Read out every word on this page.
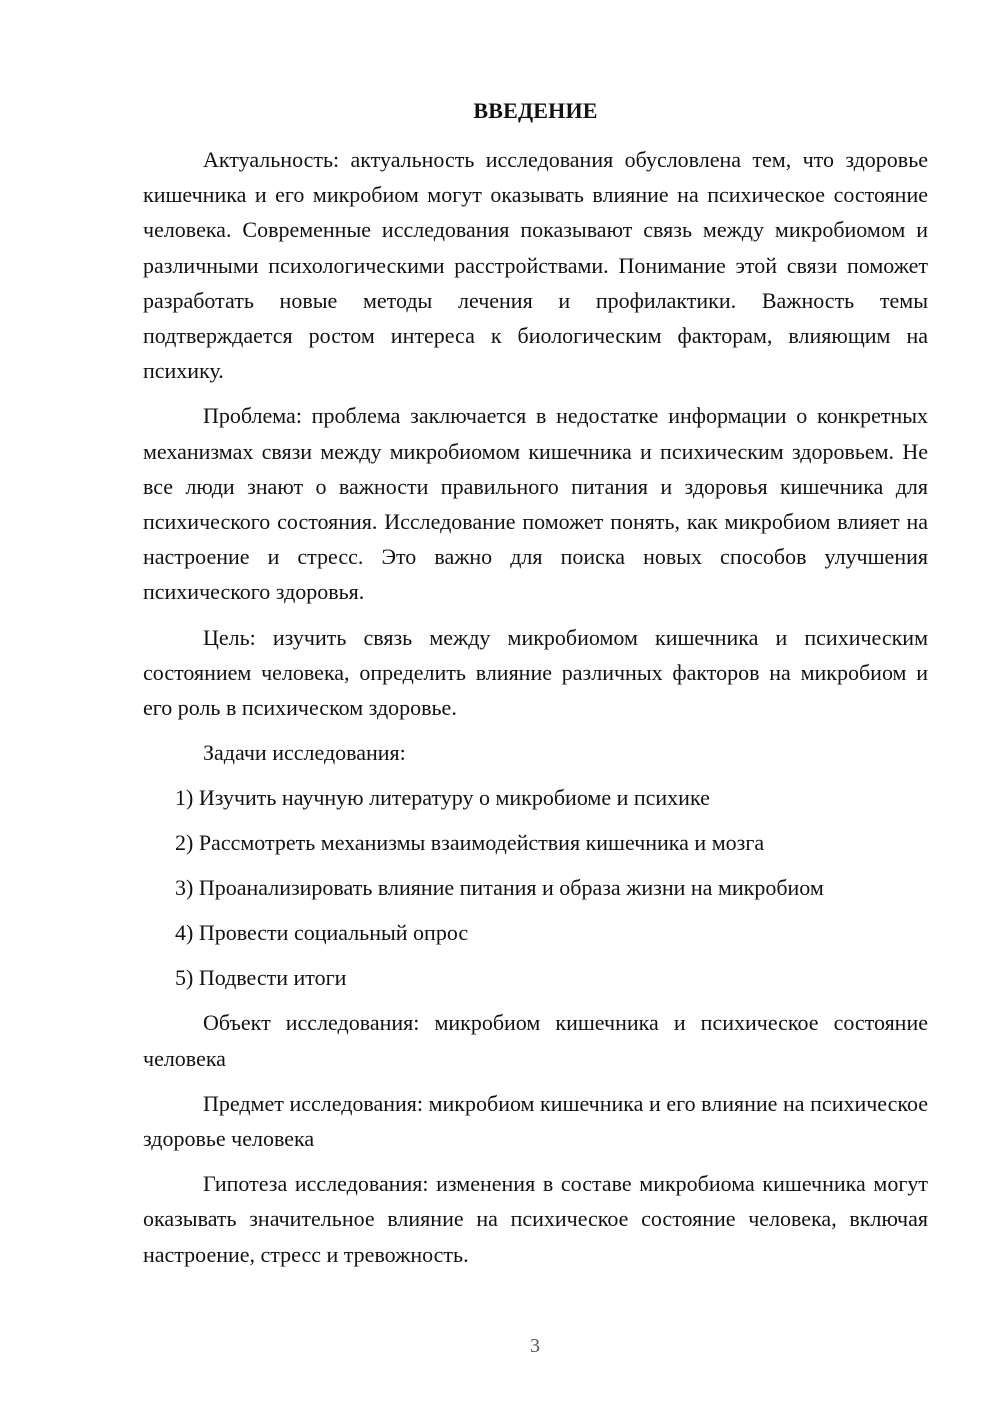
ВВЕДЕНИЕ

Актуальность: актуальность исследования обусловлена тем, что здоровье кишечника и его микробиом могут оказывать влияние на психическое состояние человека. Современные исследования показывают связь между микробиомом и различными психологическими расстройствами. Понимание этой связи поможет разработать новые методы лечения и профилактики. Важность темы подтверждается ростом интереса к биологическим факторам, влияющим на психику.

Проблема: проблема заключается в недостатке информации о конкретных механизмах связи между микробиомом кишечника и психическим здоровьем. Не все люди знают о важности правильного питания и здоровья кишечника для психического состояния. Исследование поможет понять, как микробиом влияет на настроение и стресс. Это важно для поиска новых способов улучшения психического здоровья.

Цель: изучить связь между микробиомом кишечника и психическим состоянием человека, определить влияние различных факторов на микробиом и его роль в психическом здоровье.

Задачи исследования:

1) Изучить научную литературу о микробиоме и психике
2) Рассмотреть механизмы взаимодействия кишечника и мозга
3) Проанализировать влияние питания и образа жизни на микробиом
4) Провести социальный опрос
5) Подвести итоги

Объект исследования: микробиом кишечника и психическое состояние человека

Предмет исследования: микробиом кишечника и его влияние на психическое здоровье человека

Гипотеза исследования: изменения в составе микробиома кишечника могут оказывать значительное влияние на психическое состояние человека, включая настроение, стресс и тревожность.

3
